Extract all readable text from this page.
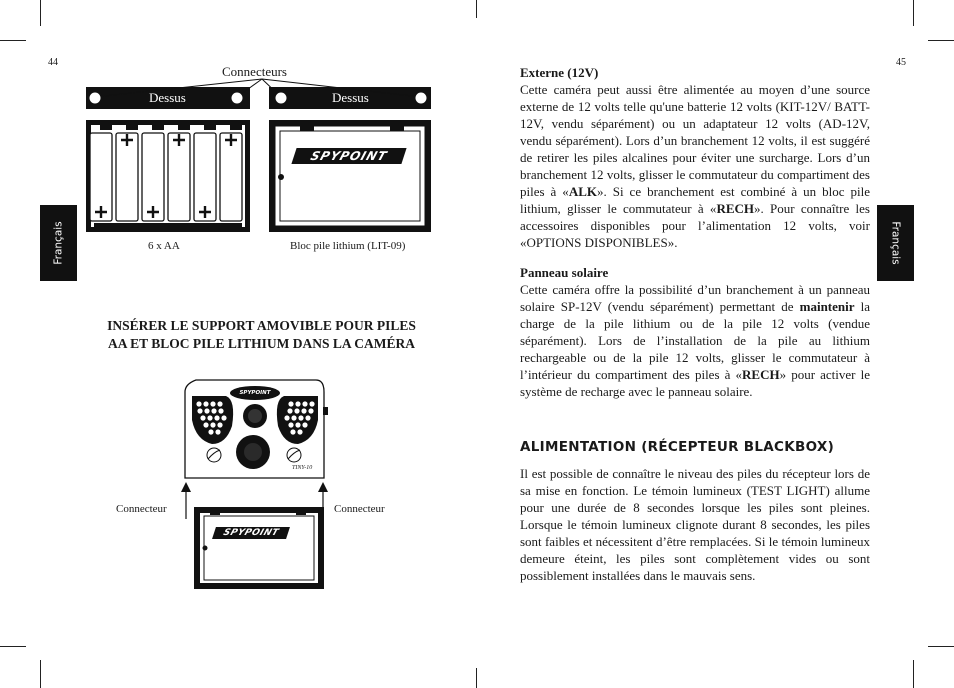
44	45
Français	Français
Connecteurs
Dessus	Dessus
SPYPOINT
6 x AA	Bloc pile lithium (LIT-09)
INSÉRER LE SUPPORT AMOVIBLE POUR PILES
AA ET BLOC PILE LITHIUM DANS LA CAMÉRA
SPYPOINT
TINY-10
SPYPOINT
Connecteur	Connecteur

Externe (12V)

Cette caméra peut aussi être alimentée au moyen d’une source externe de 12 volts telle qu'une batterie 12 volts (KIT-12V/ BATT-12V, vendu séparément) ou un adaptateur 12 volts (AD-12V, vendu séparément). Lors d’un branchement 12 volts, il est suggéré de retirer les piles alcalines pour éviter une surcharge. Lors d’un branchement 12 volts, glisser le commutateur du compartiment des piles à «ALK». Si ce branchement est combiné à un bloc pile lithium, glisser le commutateur à «RECH». Pour connaître les accessoires disponibles pour l’alimentation 12 volts, voir «OPTIONS DISPONIBLES».

Panneau solaire

Cette caméra offre la possibilité d’un branchement à un panneau solaire SP-12V (vendu séparément) permettant de maintenir la charge de la pile lithium ou de la pile 12 volts (vendue séparément). Lors de l’installation de la pile au lithium rechargeable ou de la pile 12 volts, glisser le commutateur à l’intérieur du compartiment des piles à «RECH» pour activer le système de recharge avec le panneau solaire.

ALIMENTATION (RÉCEPTEUR BLACKBOX)

Il est possible de connaître le niveau des piles du récepteur lors de sa mise en fonction. Le témoin lumineux (TEST LIGHT) allume pour une durée de 8 secondes lorsque les piles sont pleines. Lorsque le témoin lumineux clignote durant 8 secondes, les piles sont faibles et nécessitent d’être remplacées. Si le témoin lumineux demeure éteint, les piles sont complètement vides ou sont possiblement installées dans le mauvais sens.
